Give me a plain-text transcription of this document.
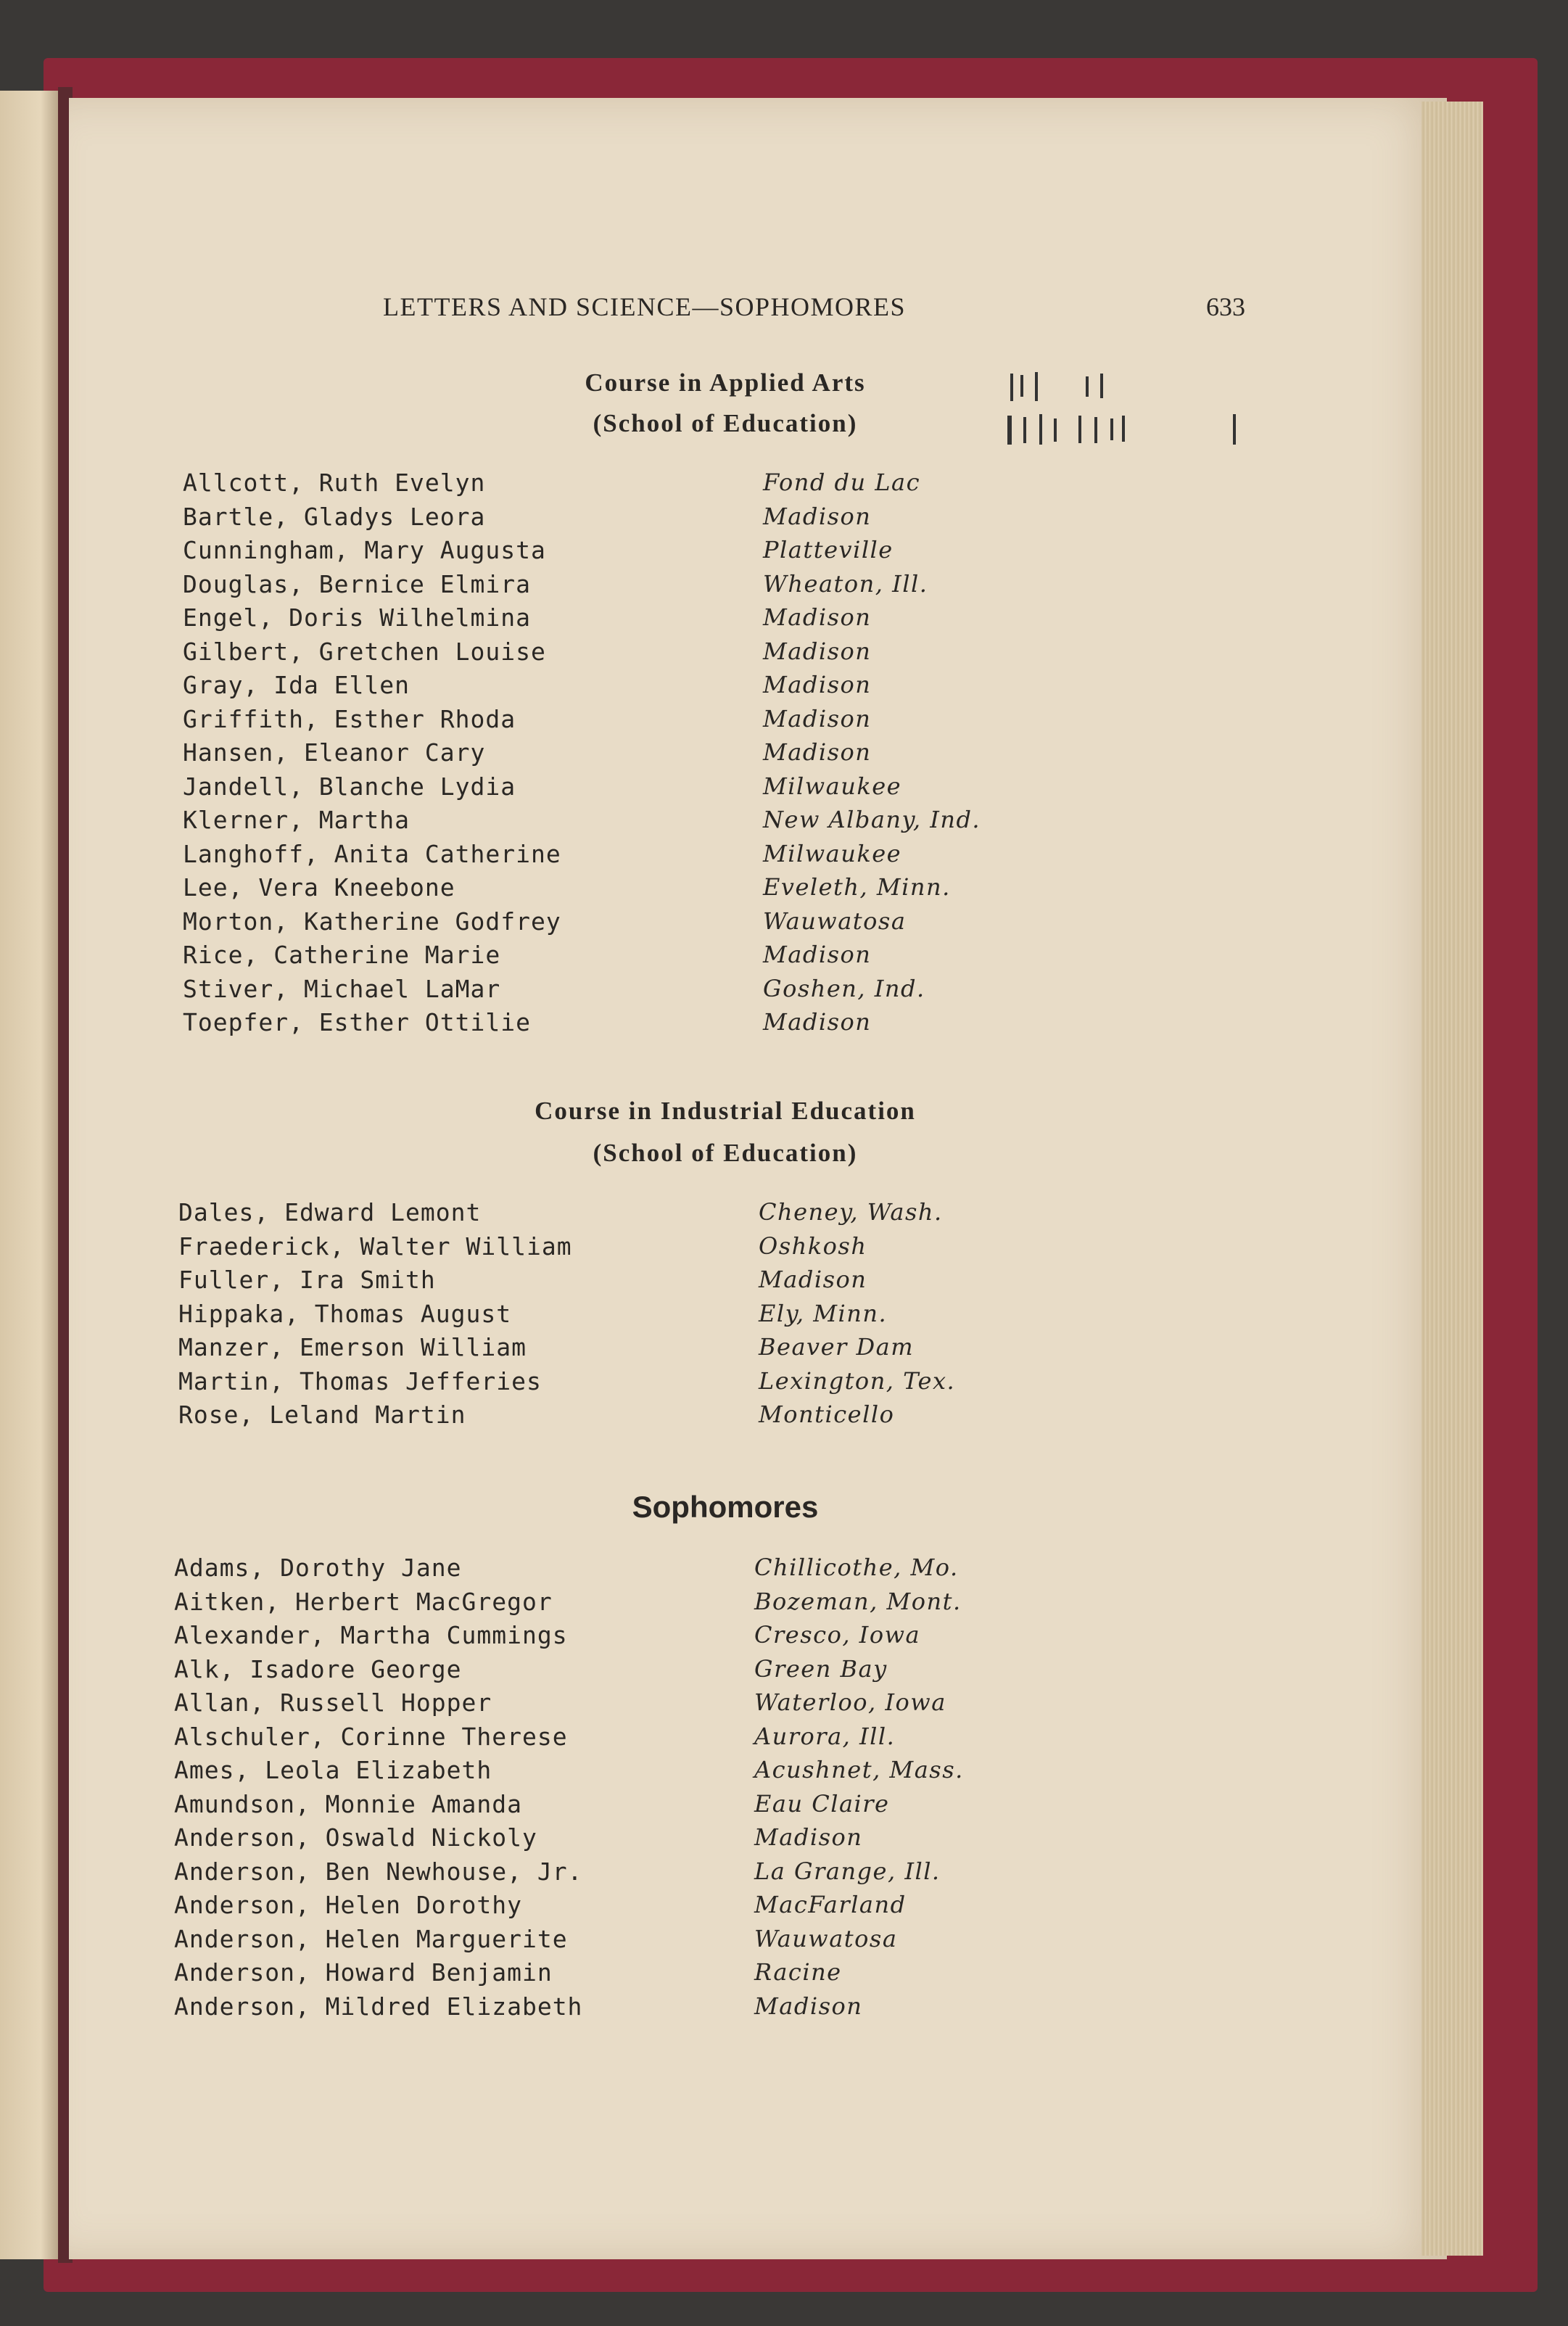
LETTERS AND SCIENCE—SOPHOMORES	633
Course in Applied Arts
(School of Education)
Allcott, Ruth Evelyn	Fond du Lac
Bartle, Gladys Leora	Madison
Cunningham, Mary Augusta	Platteville
Douglas, Bernice Elmira	Wheaton, Ill.
Engel, Doris Wilhelmina	Madison
Gilbert, Gretchen Louise	Madison
Gray, Ida Ellen	Madison
Griffith, Esther Rhoda	Madison
Hansen, Eleanor Cary	Madison
Jandell, Blanche Lydia	Milwaukee
Klerner, Martha	New Albany, Ind.
Langhoff, Anita Catherine	Milwaukee
Lee, Vera Kneebone	Eveleth, Minn.
Morton, Katherine Godfrey	Wauwatosa
Rice, Catherine Marie	Madison
Stiver, Michael LaMar	Goshen, Ind.
Toepfer, Esther Ottilie	Madison
Course in Industrial Education
(School of Education)
Dales, Edward Lemont	Cheney, Wash.
Fraederick, Walter William	Oshkosh
Fuller, Ira Smith	Madison
Hippaka, Thomas August	Ely, Minn.
Manzer, Emerson William	Beaver Dam
Martin, Thomas Jefferies	Lexington, Tex.
Rose, Leland Martin	Monticello
Sophomores
Adams, Dorothy Jane	Chillicothe, Mo.
Aitken, Herbert MacGregor	Bozeman, Mont.
Alexander, Martha Cummings	Cresco, Iowa
Alk, Isadore George	Green Bay
Allan, Russell Hopper	Waterloo, Iowa
Alschuler, Corinne Therese	Aurora, Ill.
Ames, Leola Elizabeth	Acushnet, Mass.
Amundson, Monnie Amanda	Eau Claire
Anderson, Oswald Nickoly	Madison
Anderson, Ben Newhouse, Jr.	La Grange, Ill.
Anderson, Helen Dorothy	MacFarland
Anderson, Helen Marguerite	Wauwatosa
Anderson, Howard Benjamin	Racine
Anderson, Mildred Elizabeth	Madison
